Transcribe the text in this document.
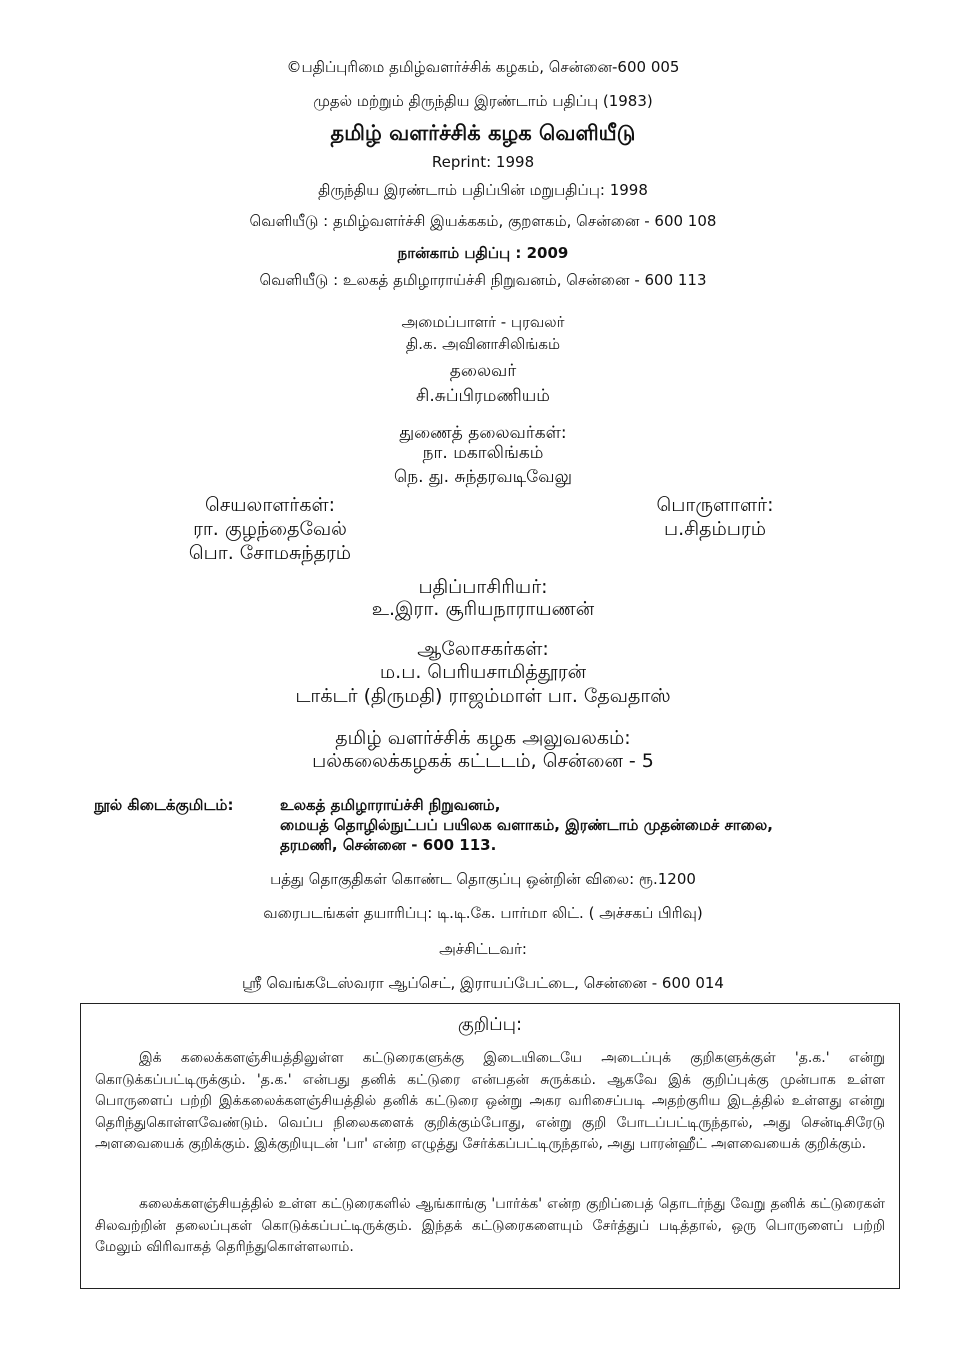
©பதிப்புரிமை தமிழ்வளர்ச்சிக் கழகம், சென்னை-600 005
முதல் மற்றும் திருந்திய இரண்டாம் பதிப்பு (1983)
தமிழ் வளர்ச்சிக் கழக வெளியீடு
Reprint: 1998
திருந்திய இரண்டாம் பதிப்பின் மறுபதிப்பு: 1998
வெளியீடு : தமிழ்வளர்ச்சி இயக்ககம், குறளகம், சென்னை - 600 108
நான்காம் பதிப்பு : 2009
வெளியீடு : உலகத் தமிழாராய்ச்சி நிறுவனம், சென்னை - 600 113
அமைப்பாளர் - புரவலர்
தி.க. அவினாசிலிங்கம்
தலைவர்
சி.சுப்பிரமணியம்
துணைத் தலைவர்கள்:
நா. மகாலிங்கம்
நெ. து. சுந்தரவடிவேலு
செயலாளர்கள்:
ரா. குழந்தைவேல்
பொ. சோமசுந்தரம்
பொருளாளர்:
ப.சிதம்பரம்
பதிப்பாசிரியர்:
உ.இரா. சூரியநாராயணன்
ஆலோசகர்கள்:
ம.ப. பெரியசாமித்தூரன்
டாக்டர் (திருமதி) ராஜம்மாள் பா. தேவதாஸ்
தமிழ் வளர்ச்சிக் கழக அலுவலகம்:
பல்கலைக்கழகக் கட்டடம், சென்னை - 5
நூல் கிடைக்குமிடம்:	உலகத் தமிழாராய்ச்சி நிறுவனம்,
மையத் தொழில்நுட்பப் பயிலக வளாகம், இரண்டாம் முதன்மைச் சாலை,
தரமணி, சென்னை - 600 113.
பத்து தொகுதிகள் கொண்ட தொகுப்பு ஒன்றின் விலை: ரூ.1200
வரைபடங்கள் தயாரிப்பு: டி.டி.கே. பார்மா லிட். ( அச்சகப் பிரிவு)
அச்சிட்டவர்:
ஸ்ரீ வெங்கடேஸ்வரா ஆப்செட், இராயப்பேட்டை, சென்னை - 600 014
குறிப்பு:
இக் கலைக்களஞ்சியத்திலுள்ள கட்டுரைகளுக்கு இடையிடையே அடைப்புக் குறிகளுக்குள் 'த.க.' என்று கொடுக்கப்பட்டிருக்கும். 'த.க.' என்பது தனிக் கட்டுரை என்பதன் சுருக்கம். ஆகவே இக் குறிப்புக்கு முன்பாக உள்ள பொருளைப் பற்றி இக்கலைக்களஞ்சியத்தில் தனிக் கட்டுரை ஒன்று அகர வரிசைப்படி அதற்குரிய இடத்தில் உள்ளது என்று தெரிந்துகொள்ளவேண்டும். வெப்ப நிலைகளைக் குறிக்கும்போது, என்று குறி போடப்பட்டிருந்தால், அது சென்டிசிரேடு அளவையைக் குறிக்கும். இக்குறியுடன் 'பா' என்ற எழுத்து சேர்க்கப்பட்டிருந்தால், அது பாரன்ஹீட் அளவையைக் குறிக்கும்.
கலைக்களஞ்சியத்தில் உள்ள கட்டுரைகளில் ஆங்காங்கு 'பார்க்க' என்ற குறிப்பைத் தொடர்ந்து வேறு தனிக் கட்டுரைகள் சிலவற்றின் தலைப்புகள் கொடுக்கப்பட்டிருக்கும். இந்தக் கட்டுரைகளையும் சேர்த்துப் படித்தால், ஒரு பொருளைப் பற்றி மேலும் விரிவாகத் தெரிந்துகொள்ளலாம்.
